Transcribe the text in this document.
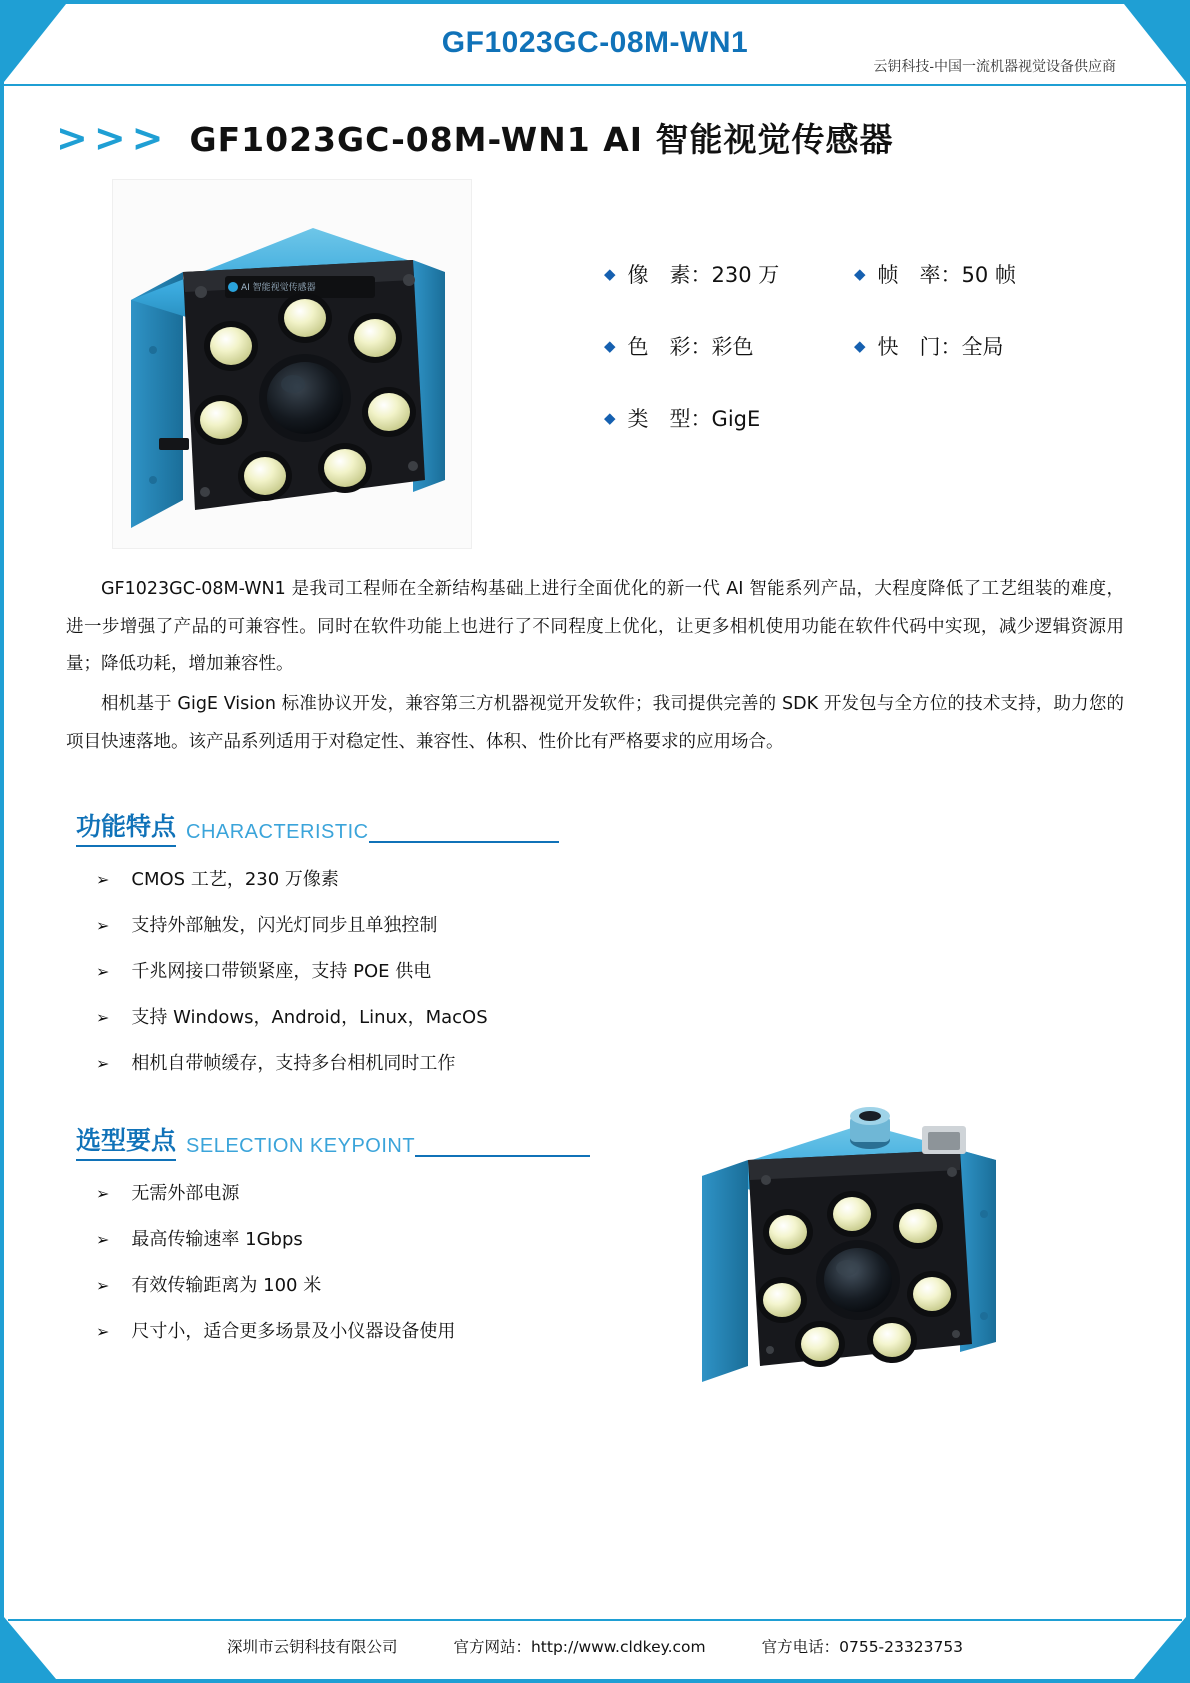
GF1023GC-08M-WN1
云钥科技-中国一流机器视觉设备供应商
>>> GF1023GC-08M-WN1 AI 智能视觉传感器
AI 智能视觉传感器
◆ 像　素：230 万	◆ 帧　率：50 帧
◆ 色　彩：彩色	◆ 快　门：全局
◆ 类　型：GigE
GF1023GC-08M-WN1 是我司工程师在全新结构基础上进行全面优化的新一代 AI 智能系列产品，大程度降低了工艺组装的难度，进一步增强了产品的可兼容性。同时在软件功能上也进行了不同程度上优化，让更多相机使用功能在软件代码中实现，减少逻辑资源用量；降低功耗，增加兼容性。
相机基于 GigE Vision 标准协议开发，兼容第三方机器视觉开发软件；我司提供完善的 SDK 开发包与全方位的技术支持，助力您的项目快速落地。该产品系列适用于对稳定性、兼容性、体积、性价比有严格要求的应用场合。
功能特点 CHARACTERISTIC
➢ CMOS 工艺，230 万像素
➢ 支持外部触发，闪光灯同步且单独控制
➢ 千兆网接口带锁紧座，支持 POE 供电
➢ 支持 Windows，Android，Linux，MacOS
➢ 相机自带帧缓存，支持多台相机同时工作
选型要点 SELECTION KEYPOINT
➢ 无需外部电源
➢ 最高传输速率 1Gbps
➢ 有效传输距离为 100 米
➢ 尺寸小，适合更多场景及小仪器设备使用
深圳市云钥科技有限公司	官方网站：http://www.cldkey.com	官方电话：0755-23323753
